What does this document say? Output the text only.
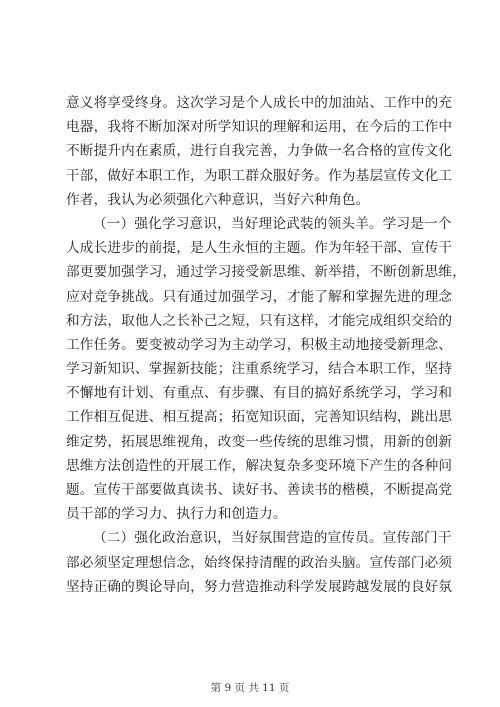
意义将享受终身。这次学习是个人成长中的加油站、工作中的充
电器，我将不断加深对所学知识的理解和运用，在今后的工作中
不断提升内在素质，进行自我完善，力争做一名合格的宣传文化
干部，做好本职工作，为职工群众服好务。作为基层宣传文化工
作者，我认为必须强化六种意识，当好六种角色。
（一）强化学习意识，当好理论武装的领头羊。学习是一个
人成长进步的前提，是人生永恒的主题。作为年轻干部、宣传干
部更要加强学习，通过学习接受新思维、新举措，不断创新思维，
应对竞争挑战。只有通过加强学习，才能了解和掌握先进的理念
和方法，取他人之长补己之短，只有这样，才能完成组织交给的
工作任务。要变被动学习为主动学习，积极主动地接受新理念、
学习新知识、掌握新技能；注重系统学习，结合本职工作，坚持
不懈地有计划、有重点、有步骤、有目的搞好系统学习，学习和
工作相互促进、相互提高；拓宽知识面，完善知识结构，跳出思
维定势，拓展思维视角，改变一些传统的思维习惯，用新的创新
思维方法创造性的开展工作，解决复杂多变环境下产生的各种问
题。宣传干部要做真读书、读好书、善读书的楷模，不断提高党
员干部的学习力、执行力和创造力。
（二）强化政治意识，当好氛围营造的宣传员。宣传部门干
部必须坚定理想信念，始终保持清醒的政治头脑。宣传部门必须
坚持正确的舆论导向，努力营造推动科学发展跨越发展的良好氛
第 9 页 共 11 页
